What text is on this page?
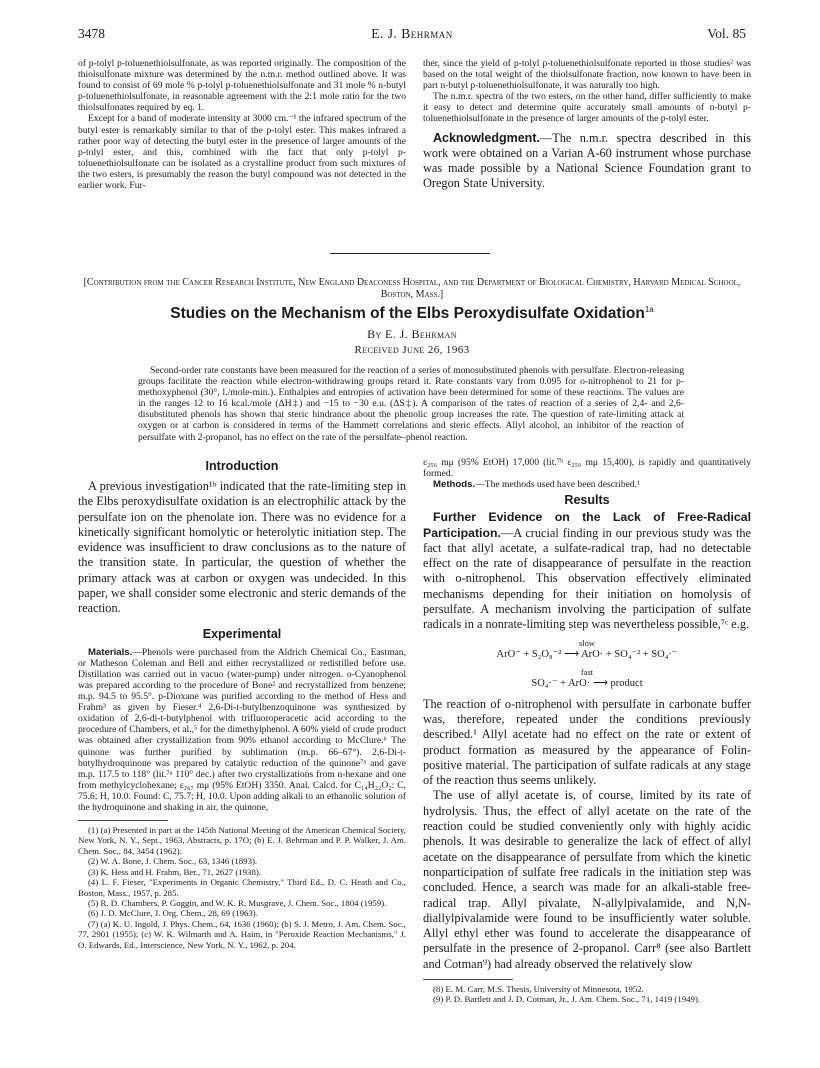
3478	E. J. Behrman	Vol. 85

of p-tolyl p-toluenethiolsulfonate, as was reported originally. The composition of the thiolsulfonate mixture was determined by the n.m.r. method outlined above. It was found to consist of 69 mole % p-tolyl p-toluenethiolsulfonate and 31 mole % n-butyl p-toluenethiolsulfonate, in reasonable agreement with the 2:1 mole ratio for the two thiolsulfonates required by eq. 1.

Except for a band of moderate intensity at 3000 cm.⁻¹ the infrared spectrum of the butyl ester is remarkably similar to that of the p-tolyl ester. This makes infrared a rather poor way of detecting the butyl ester in the presence of larger amounts of the p-tolyl ester, and this, combined with the fact that only p-tolyl p-toluenethiolsulfonate can be isolated as a crystalline product from such mixtures of the two esters, is presumably the reason the butyl compound was not detected in the earlier work. Fur-

ther, since the yield of p-tolyl p-toluenethiolsulfonate reported in those studies² was based on the total weight of the thiolsulfonate fraction, now known to have been in part n-butyl p-toluenethiolsulfonate, it was naturally too high.

The n.m.r. spectra of the two esters, on the other hand, differ sufficiently to make it easy to detect and determine quite accurately small amounts of n-butyl p-toluenethiolsulfonate in the presence of larger amounts of the p-tolyl ester.

Acknowledgment.—The n.m.r. spectra described in this work were obtained on a Varian A-60 instrument whose purchase was made possible by a National Science Foundation grant to Oregon State University.

[Contribution from the Cancer Research Institute, New England Deaconess Hospital, and the Department of Biological Chemistry, Harvard Medical School, Boston, Mass.]
Studies on the Mechanism of the Elbs Peroxydisulfate Oxidation$^{1a}$
By E. J. Behrman
Received June 26, 1963

Second-order rate constants have been measured for the reaction of a series of monosubstituted phenols with persulfate. Electron-releasing groups facilitate the reaction while electron-withdrawing groups retard it. Rate constants vary from 0.095 for o-nitrophenol to 21 for p-methoxyphenol (30°, l./mole-min.). Enthalpies and entropies of activation have been determined for some of these reactions. The values are in the ranges 12 to 16 kcal./mole (ΔH‡) and −15 to −30 e.u. (ΔS‡). A comparison of the rates of reaction of a series of 2,4- and 2,6-disubstituted phenols has shown that steric hindrance about the phenolic group increases the rate. The question of rate-limiting attack at oxygen or at carbon is considered in terms of the Hammett correlations and steric effects. Allyl alcohol, an inhibitor of the reaction of persulfate with 2-propanol, has no effect on the rate of the persulfate–phenol reaction.

Introduction

A previous investigation¹ᵇ indicated that the rate-limiting step in the Elbs peroxydisulfate oxidation is an electrophilic attack by the persulfate ion on the phenolate ion. There was no evidence for a kinetically significant homolytic or heterolytic initiation step. The evidence was insufficient to draw conclusions as to the nature of the transition state. In particular, the question of whether the primary attack was at carbon or oxygen was undecided. In this paper, we shall consider some electronic and steric demands of the reaction.

Experimental

Materials.—Phenols were purchased from the Aldrich Chemical Co., Eastman, or Matheson Coleman and Bell and either recrystallized or redistilled before use. Distillation was carried out in vacuo (water-pump) under nitrogen. o-Cyanophenol was prepared according to the procedure of Bone² and recrystallized from benzene; m.p. 94.5 to 95.5°. p-Dioxane was purified according to the method of Hess and Frahm³ as given by Fieser.⁴ 2,6-Di-t-butylbenzoquinone was synthesized by oxidation of 2,6-di-t-butylphenol with trifluoroperacetic acid according to the procedure of Chambers, et al.,⁵ for the dimethylphenol. A 60% yield of crude product was obtained after crystallization from 90% ethanol according to McClure.⁶ The quinone was further purified by sublimation (m.p. 66–67°). 2,6-Di-t-butylhydroquinone was prepared by catalytic reduction of the quinone⁷ᵃ and gave m.p. 117.5 to 118° (lit.⁷ᵃ 110° dec.) after two crystallizations from n-hexane and one from methylcyclohexane; ε₂₆₇ mμ (95% EtOH) 3350. Anal. Calcd. for C₁₄H₂₂O₂: C, 75.6; H, 10.0. Found: C, 75.7; H, 10.0. Upon adding alkali to an ethanolic solution of the hydroquinone and shaking in air, the quinone,

(1) (a) Presented in part at the 145th National Meeting of the American Chemical Society, New York, N. Y., Sept., 1963, Abstracts, p. 17O; (b) E. J. Behrman and P. P. Walker, J. Am. Chem. Soc., 84, 3454 (1962).

(2) W. A. Bone, J. Chem. Soc., 63, 1346 (1893).

(3) K. Hess and H. Frahm, Ber., 71, 2627 (1938).

(4) L. F. Fieser, "Experiments in Organic Chemistry," Third Ed., D. C. Heath and Co., Boston, Mass., 1957, p. 285.

(5) R. D. Chambers, P. Goggin, and W. K. R. Musgrave, J. Chem. Soc., 1804 (1959).

(6) J. D. McClure, J. Org. Chem., 28, 69 (1963).

(7) (a) K. U. Ingold, J. Phys. Chem., 64, 1636 (1960); (b) S. J. Metro, J. Am. Chem. Soc., 77, 2901 (1955); (c) W. K. Wilmarth and A. Haim, in "Peroxide Reaction Mechanisms," J. O. Edwards, Ed., Interscience, New York, N. Y., 1962, p. 204.

ε₂₅₆ mμ (95% EtOH) 17,000 (lit.⁷ᵇ ε₂₅₆ mμ 15,400), is rapidly and quantitatively formed.

Methods.—The methods used have been described.¹

Results

Further Evidence on the Lack of Free-Radical Participation.—A crucial finding in our previous study was the fact that allyl acetate, a sulfate-radical trap, had no detectable effect on the rate of disappearance of persulfate in the reaction with o-nitrophenol. This observation effectively eliminated mechanisms depending for their initiation on homolysis of persulfate. A mechanism involving the participation of sulfate radicals in a nonrate-limiting step was nevertheless possible,⁷ᶜ e.g.

slow
ArO⁻ + S₂O₈⁻² ⟶ ArO· + SO₄⁻² + SO₄·⁻
fast
SO₄·⁻ + ArO· ⟶ product

The reaction of o-nitrophenol with persulfate in carbonate buffer was, therefore, repeated under the conditions previously described.¹ Allyl acetate had no effect on the rate or extent of product formation as measured by the appearance of Folin-positive material. The participation of sulfate radicals at any stage of the reaction thus seems unlikely.

The use of allyl acetate is, of course, limited by its rate of hydrolysis. Thus, the effect of allyl acetate on the rate of the reaction could be studied conveniently only with highly acidic phenols. It was desirable to generalize the lack of effect of allyl acetate on the disappearance of persulfate from which the kinetic nonparticipation of sulfate free radicals in the initiation step was concluded. Hence, a search was made for an alkali-stable free-radical trap. Allyl pivalate, N-allylpivalamide, and N,N-diallylpivalamide were found to be insufficiently water soluble. Allyl ethyl ether was found to accelerate the disappearance of persulfate in the presence of 2-propanol. Carr⁸ (see also Bartlett and Cotman⁹) had already observed the relatively slow

(8) E. M. Carr, M.S. Thesis, University of Minnesota, 1952.

(9) P. D. Bartlett and J. D. Cotman, Jr., J. Am. Chem. Soc., 71, 1419 (1949).
